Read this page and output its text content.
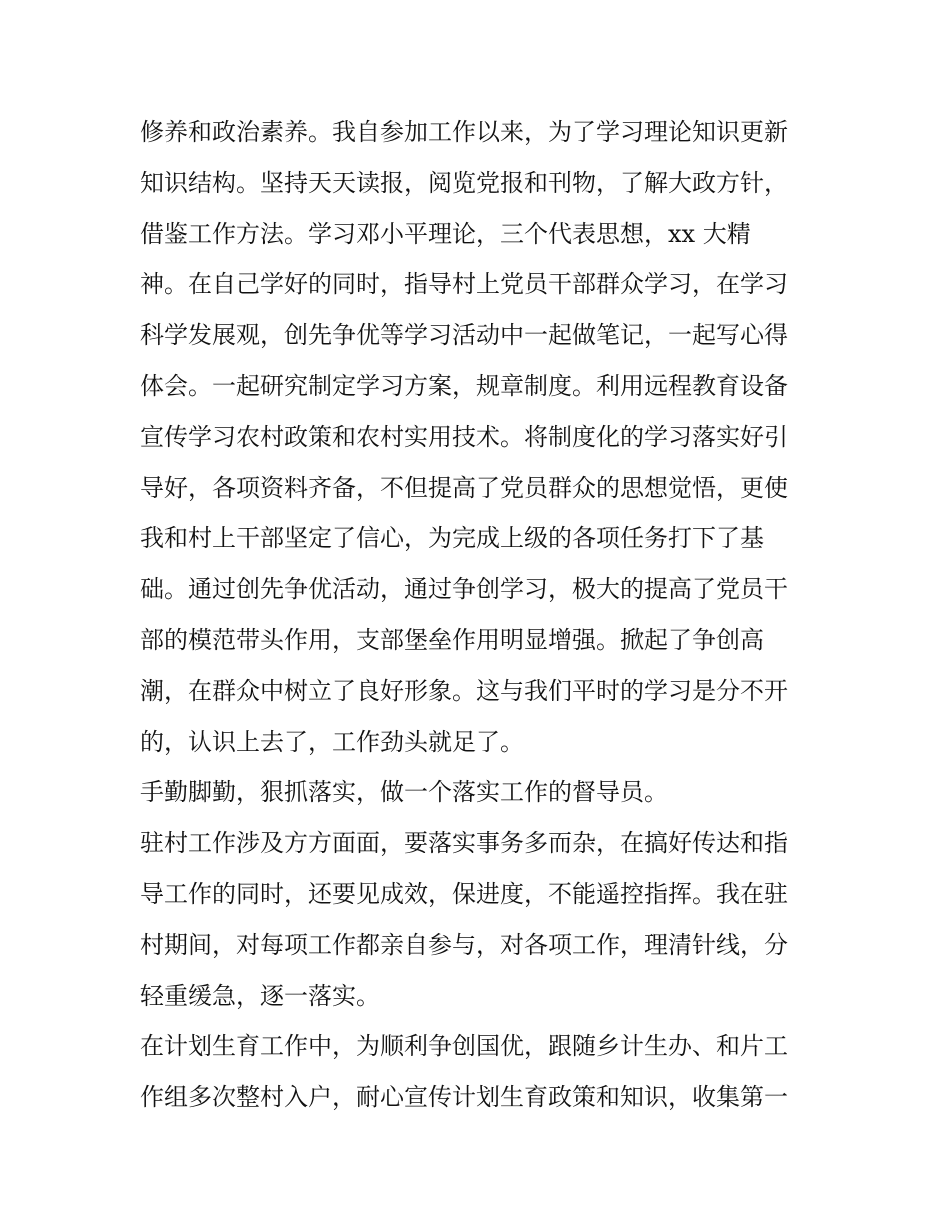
修养和政治素养。我自参加工作以来，为了学习理论知识更新
知识结构。坚持天天读报，阅览党报和刊物，了解大政方针，
借鉴工作方法。学习邓小平理论，三个代表思想，xx 大精
神。在自己学好的同时，指导村上党员干部群众学习，在学习
科学发展观，创先争优等学习活动中一起做笔记，一起写心得
体会。一起研究制定学习方案，规章制度。利用远程教育设备
宣传学习农村政策和农村实用技术。将制度化的学习落实好引
导好，各项资料齐备，不但提高了党员群众的思想觉悟，更使
我和村上干部坚定了信心，为完成上级的各项任务打下了基
础。通过创先争优活动，通过争创学习，极大的提高了党员干
部的模范带头作用，支部堡垒作用明显增强。掀起了争创高
潮，在群众中树立了良好形象。这与我们平时的学习是分不开
的，认识上去了，工作劲头就足了。
手勤脚勤，狠抓落实，做一个落实工作的督导员。
驻村工作涉及方方面面，要落实事务多而杂，在搞好传达和指
导工作的同时，还要见成效，保进度，不能遥控指挥。我在驻
村期间，对每项工作都亲自参与，对各项工作，理清针线，分
轻重缓急，逐一落实。
在计划生育工作中，为顺利争创国优，跟随乡计生办、和片工
作组多次整村入户，耐心宣传计划生育政策和知识，收集第一
